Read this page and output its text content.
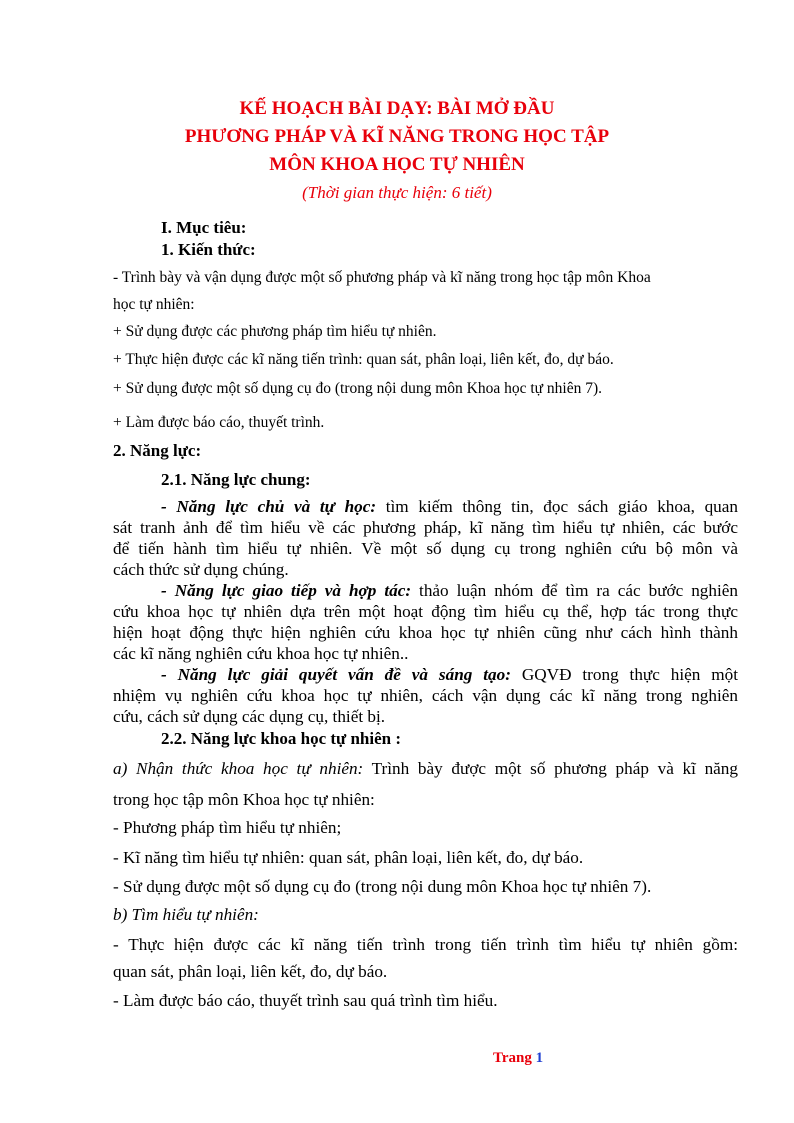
KẾ HOẠCH BÀI DẠY: BÀI MỞ ĐẦU
PHƯƠNG PHÁP VÀ KĨ NĂNG TRONG HỌC TẬP
MÔN KHOA HỌC TỰ NHIÊN
(Thời gian thực hiện: 6 tiết)
I. Mục tiêu:
1. Kiến thức:
- Trình bày và vận dụng được một số phương pháp và kĩ năng trong học tập môn Khoa
học tự nhiên:
+ Sử dụng được các phương pháp tìm hiểu tự nhiên.
+ Thực hiện được các kĩ năng tiến trình: quan sát, phân loại, liên kết, đo, dự báo.
+ Sử dụng được một số dụng cụ đo (trong nội dung môn Khoa học tự nhiên 7).
+ Làm được báo cáo, thuyết trình.
2. Năng lực:
2.1. Năng lực chung:
- Năng lực chủ và tự học: tìm kiếm thông tin, đọc sách giáo khoa, quan
sát tranh ảnh để tìm hiểu về các phương pháp, kĩ năng tìm hiểu tự nhiên, các bước
để tiến hành tìm hiểu tự nhiên. Về một số dụng cụ trong nghiên cứu bộ môn và
cách thức sử dụng chúng.
- Năng lực giao tiếp và hợp tác: thảo luận nhóm để tìm ra các bước nghiên
cứu khoa học tự nhiên dựa trên một hoạt động tìm hiểu cụ thể, hợp tác trong thực
hiện hoạt động thực hiện nghiên cứu khoa học tự nhiên cũng như cách hình thành
các kĩ năng nghiên cứu khoa học tự nhiên..
- Năng lực giải quyết vấn đề và sáng tạo: GQVĐ trong thực hiện một
nhiệm vụ nghiên cứu khoa học tự nhiên, cách vận dụng các kĩ năng trong nghiên
cứu, cách sử dụng các dụng cụ, thiết bị.
2.2. Năng lực khoa học tự nhiên :
a) Nhận thức khoa học tự nhiên: Trình bày được một số phương pháp và kĩ năng
trong học tập môn Khoa học tự nhiên:
- Phương pháp tìm hiểu tự nhiên;
- Kĩ năng tìm hiểu tự nhiên: quan sát, phân loại, liên kết, đo, dự báo.
- Sử dụng được một số dụng cụ đo (trong nội dung môn Khoa học tự nhiên 7).
b) Tìm hiểu tự nhiên:
- Thực hiện được các kĩ năng tiến trình trong tiến trình tìm hiểu tự nhiên gồm:
quan sát, phân loại, liên kết, đo, dự báo.
- Làm được báo cáo, thuyết trình sau quá trình tìm hiểu.
Trang 1
